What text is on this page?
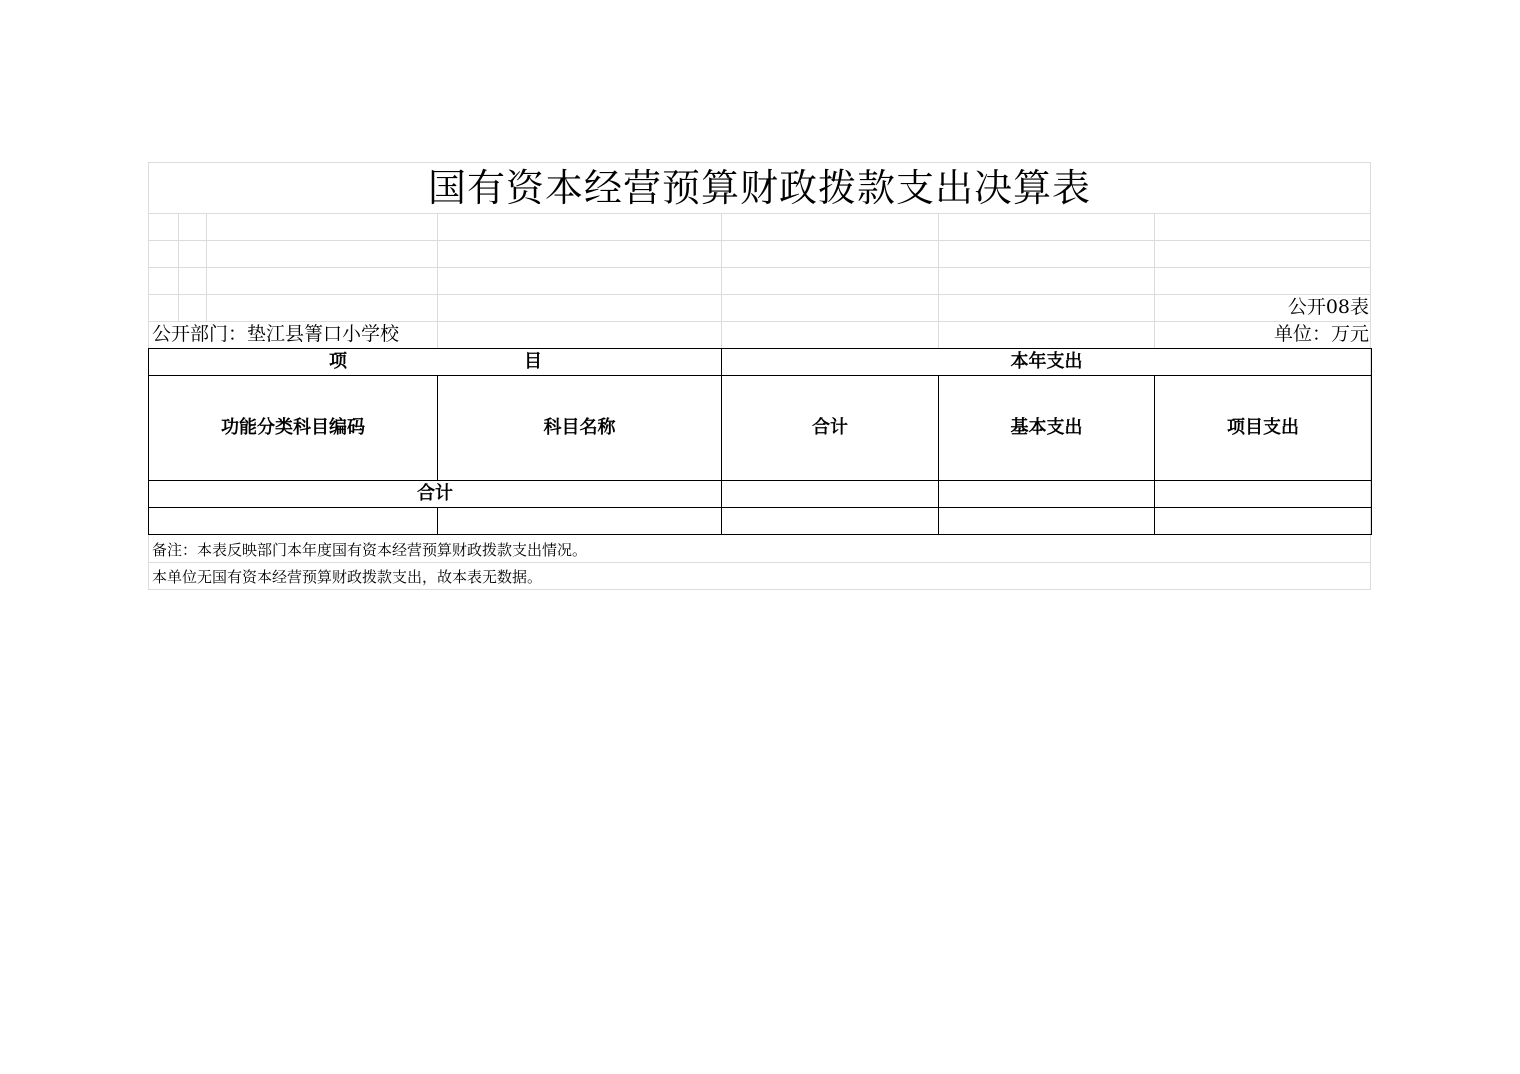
国有资本经营预算财政拨款支出决算表
公开08表
公开部门：垫江县箐口小学校	单位：万元
项 目		本年支出		
功能分类科目编码	科目名称	合计	基本支出	项目支出
合计				

备注：本表反映部门本年度国有资本经营预算财政拨款支出情况。
本单位无国有资本经营预算财政拨款支出，故本表无数据。
